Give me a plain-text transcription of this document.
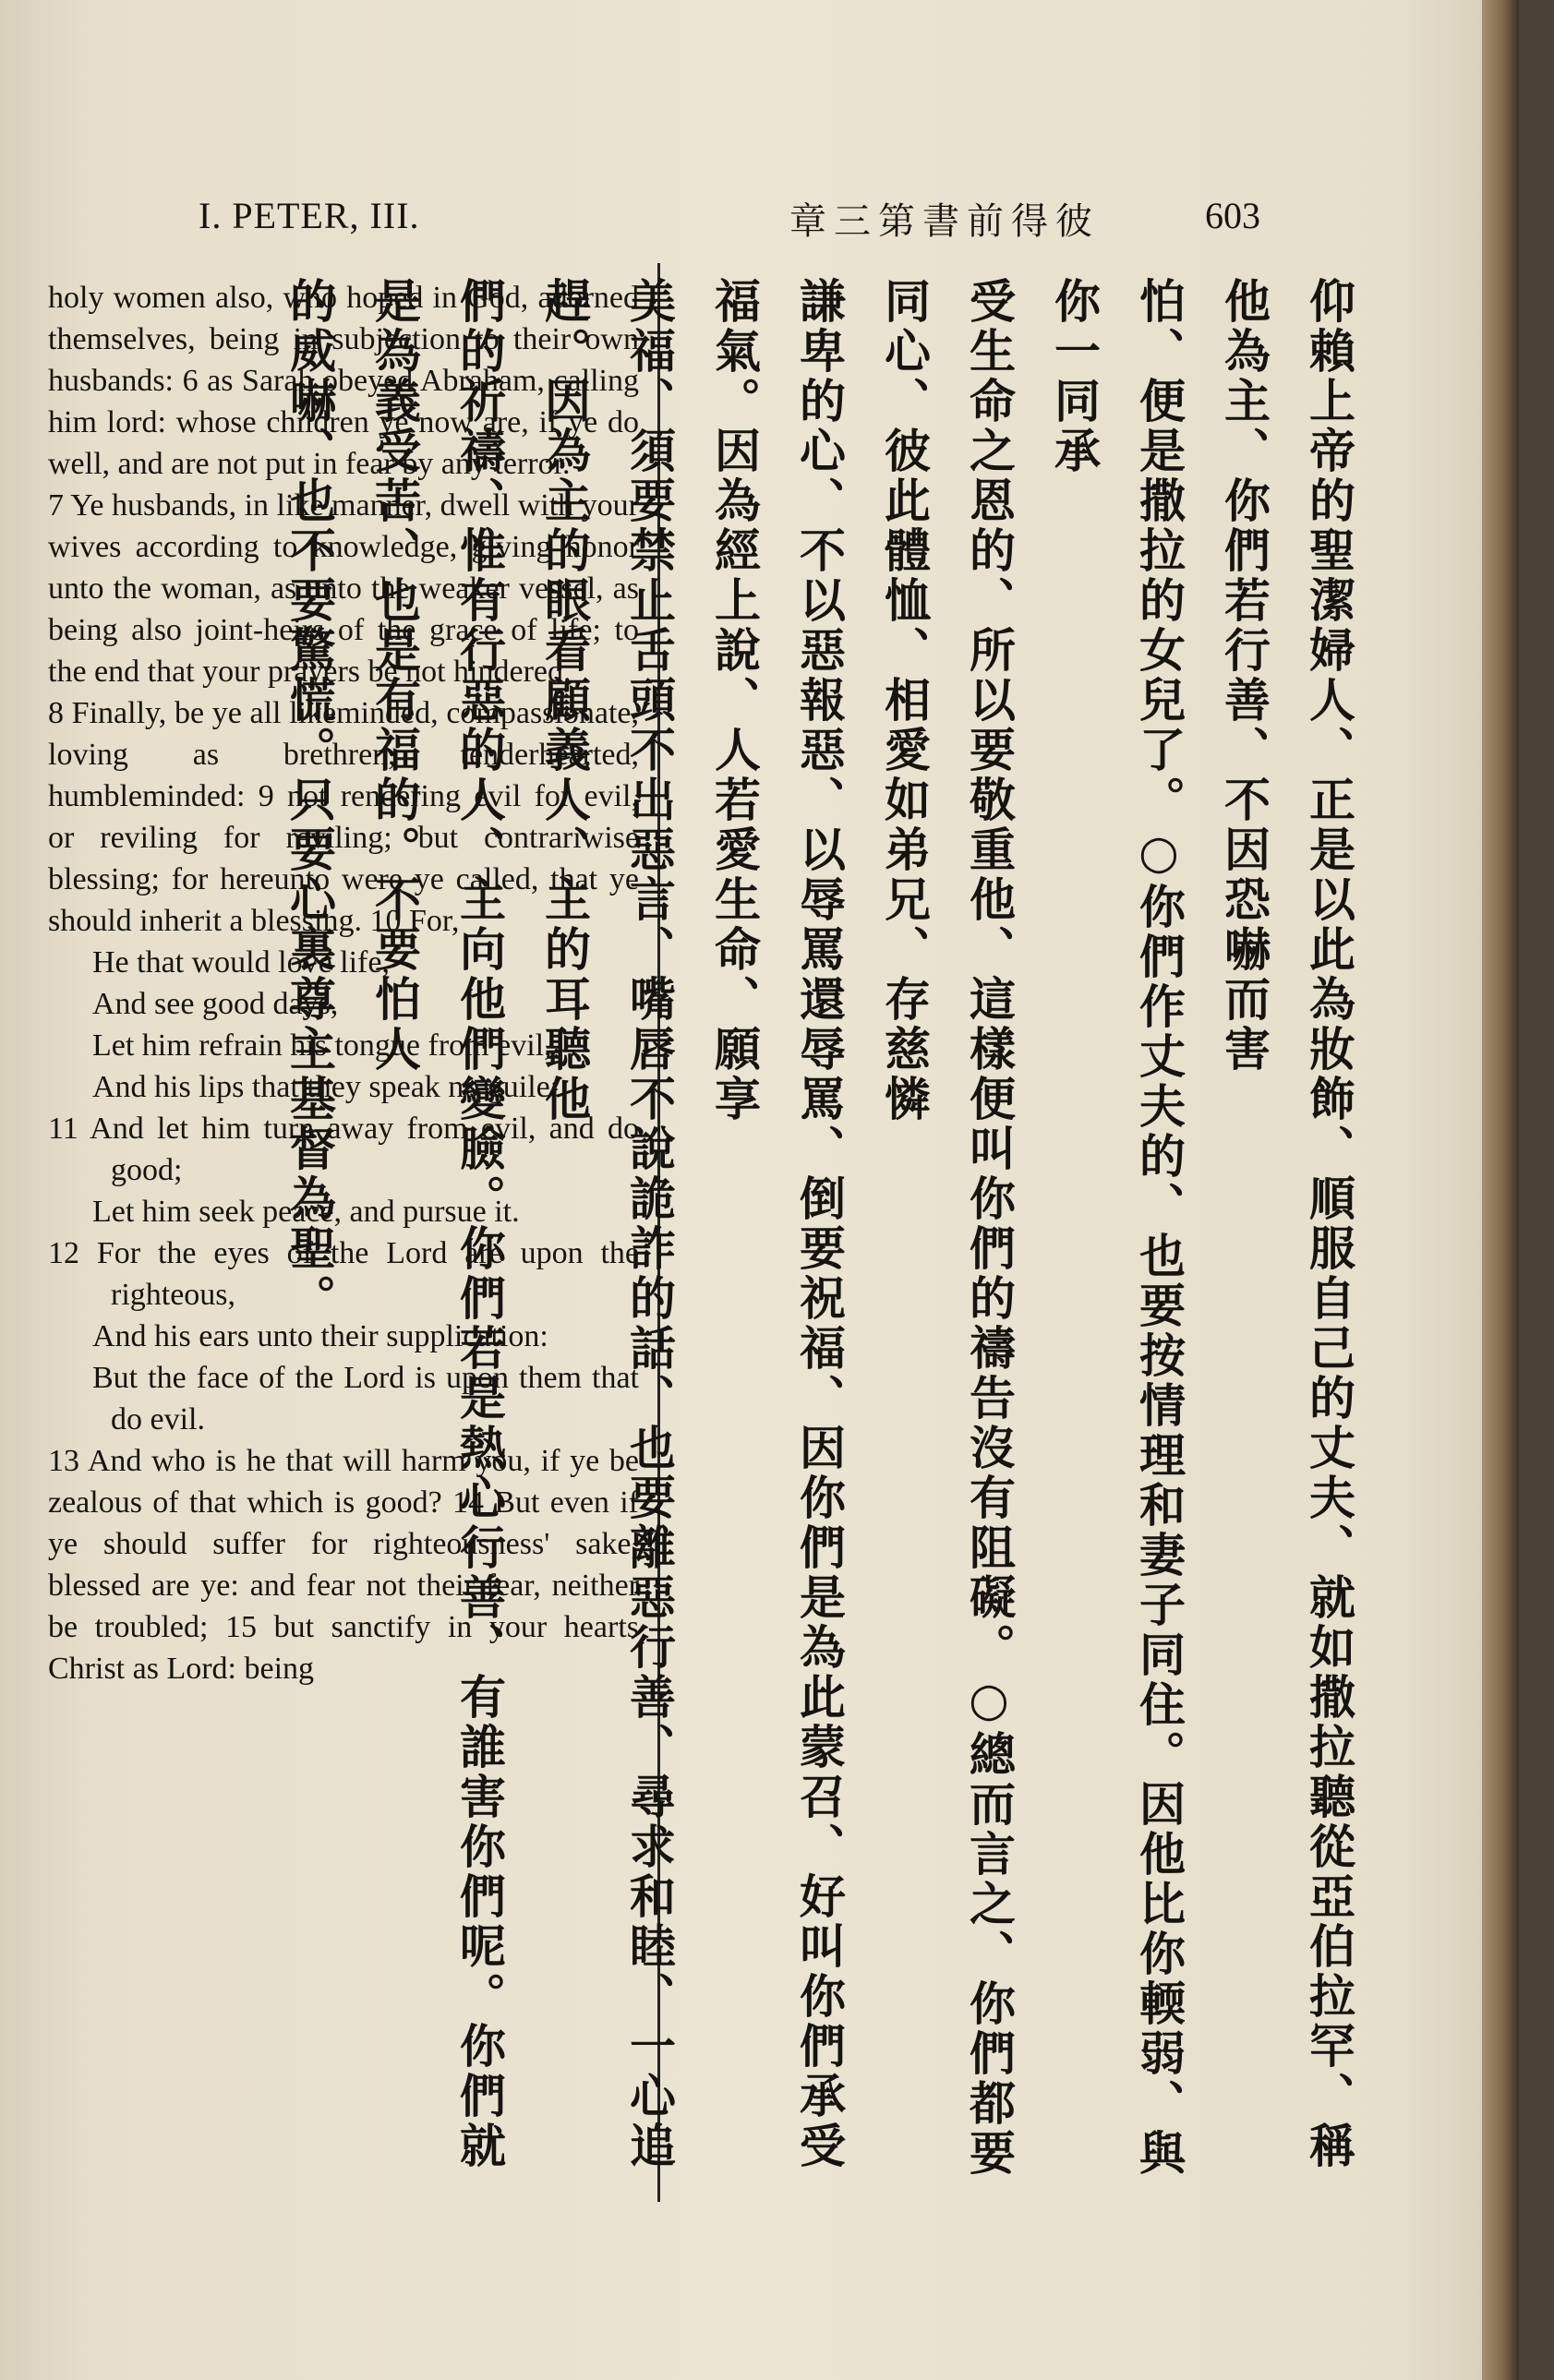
I. PETER, III.	章三第書前得彼	603

holy women also, who hoped in God, adorned themselves, being in subjection to their own husbands: 6 as Sarah obeyed Abraham, calling him lord: whose children ye now are, if ye do well, and are not put in fear by any terror.

7 Ye husbands, in like manner, dwell with your wives according to knowledge, giving honor unto the woman, as unto the weaker vessel, as being also joint-heirs of the grace of life; to the end that your prayers be not hindered.

8 Finally, be ye all likeminded, compassionate, loving as brethren, tenderhearted, humbleminded: 9 not rendering evil for evil, or reviling for reviling; but contrariwise blessing; for hereunto were ye called, that ye should inherit a blessing. 10 For,

He that would love life,

And see good days,

Let him refrain his tongue from evil,

And his lips that they speak no guile:

11 And let him turn away from evil, and do good;

Let him seek peace, and pursue it.

12 For the eyes of the Lord are upon the righteous,

And his ears unto their supplication:

But the face of the Lord is upon them that do evil.

13 And who is he that will harm you, if ye be zealous of that which is good? 14 But even if ye should suffer for righteousness' sake, blessed are ye: and fear not their fear, neither be troubled; 15 but sanctify in your hearts Christ as Lord: being	仰賴上帝的聖潔婦人、正是以此為妝飾、順服自己的丈夫、就如撒拉聽從亞伯拉罕、稱他為主、你們若行善、不因恐嚇而害

怕、便是撒拉的女兒了。○你們作丈夫的、也要按情理和妻子同住。因他比你輭弱、與你一同承

受生命之恩的、所以要敬重他、這樣便叫你們的禱告沒有阻礙。○總而言之、你們都要同心、彼此體恤、相愛如弟兄、存慈憐

謙卑的心、不以惡報惡、以辱罵還辱罵、倒要祝福、因你們是為此蒙召、好叫你們承受福氣。因為經上說、人若愛生命、願享

美福、須要禁止舌頭不出惡言、嘴唇不說詭詐的話、也要離惡行善、尋求和睦、一心追趕。因為主的眼看顧義人、主的耳聽他

們的祈禱、惟有行惡的人、主向他們變臉。你們若是熱心行善、有誰害你們呢。你們就是為義受苦、也是有福的。不要怕人

的威嚇、也不要驚慌。只要心裏尊主基督為聖。
